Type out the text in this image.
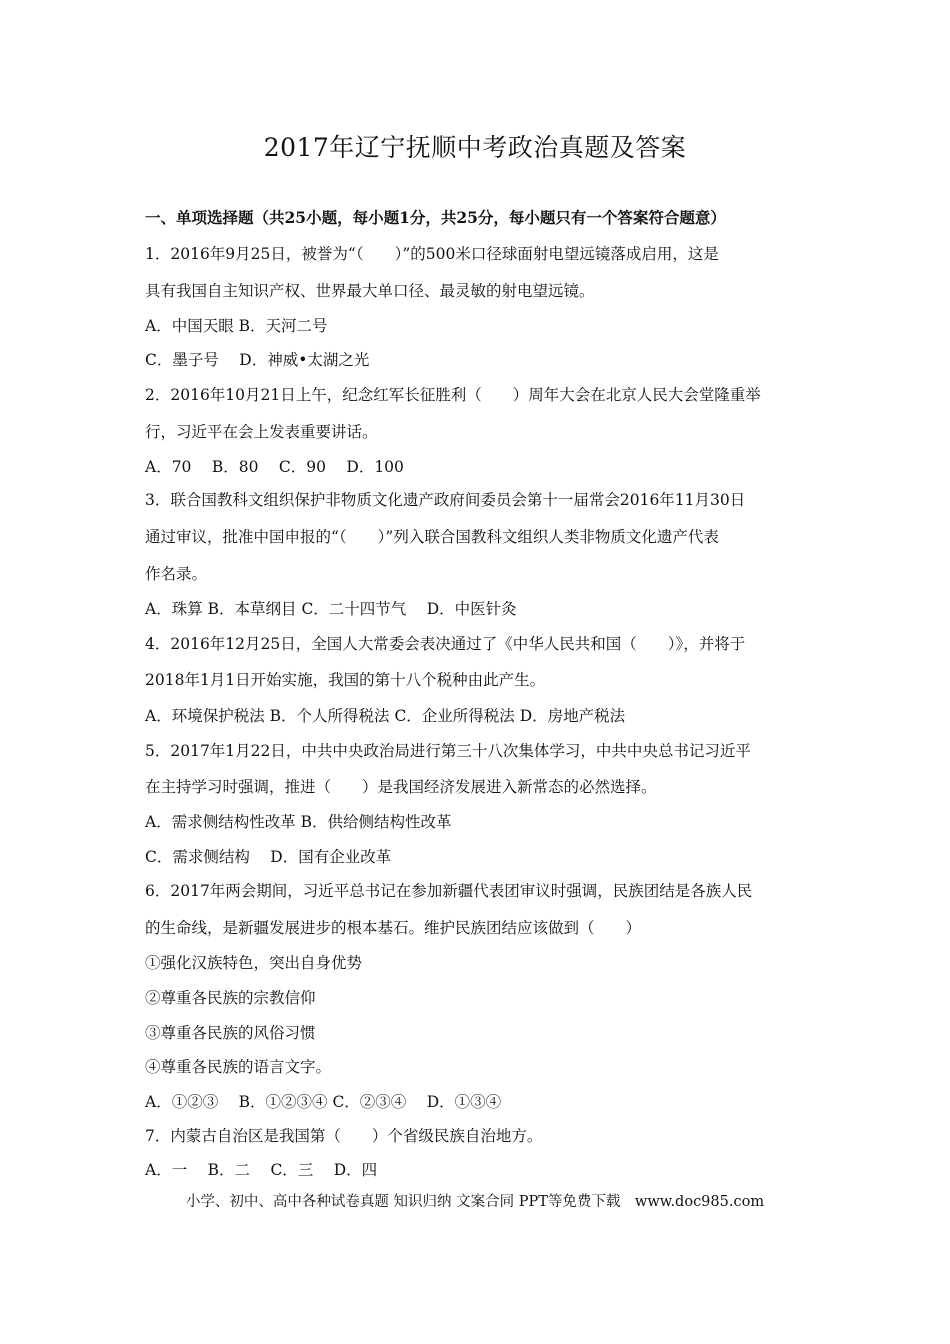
2017年辽宁抚顺中考政治真题及答案
一、单项选择题（共25小题，每小题1分，共25分，每小题只有一个答案符合题意）
1．2016年9月25日，被誉为“（　　）”的500米口径球面射电望远镜落成启用，这是
具有我国自主知识产权、世界最大单口径、最灵敏的射电望远镜。
A．中国天眼 B．天河二号
C．墨子号　 D．神威•太湖之光
2．2016年10月21日上午，纪念红军长征胜利（　　）周年大会在北京人民大会堂隆重举
行，习近平在会上发表重要讲话。
A．70　 B．80　 C．90　 D．100
3．联合国教科文组织保护非物质文化遗产政府间委员会第十一届常会2016年11月30日
通过审议，批准中国申报的“（　　）”列入联合国教科文组织人类非物质文化遗产代表
作名录。
A．珠算 B．本草纲目 C．二十四节气　 D．中医针灸
4．2016年12月25日，全国人大常委会表决通过了《中华人民共和国（　　）》，并将于
2018年1月1日开始实施，我国的第十八个税种由此产生。
A．环境保护税法 B．个人所得税法 C．企业所得税法 D．房地产税法
5．2017年1月22日，中共中央政治局进行第三十八次集体学习，中共中央总书记习近平
在主持学习时强调，推进（　　）是我国经济发展进入新常态的必然选择。
A．需求侧结构性改革 B．供给侧结构性改革
C．需求侧结构　 D．国有企业改革
6．2017年两会期间，习近平总书记在参加新疆代表团审议时强调，民族团结是各族人民
的生命线，是新疆发展进步的根本基石。维护民族团结应该做到（　　）
①强化汉族特色，突出自身优势
②尊重各民族的宗教信仰
③尊重各民族的风俗习惯
④尊重各民族的语言文字。
A．①②③　 B．①②③④ C．②③④　 D．①③④
7．内蒙古自治区是我国第（　　）个省级民族自治地方。
A．一　 B．二　 C．三　 D．四
小学、初中、高中各种试卷真题 知识归纳 文案合同 PPT等免费下载　www.doc985.com
